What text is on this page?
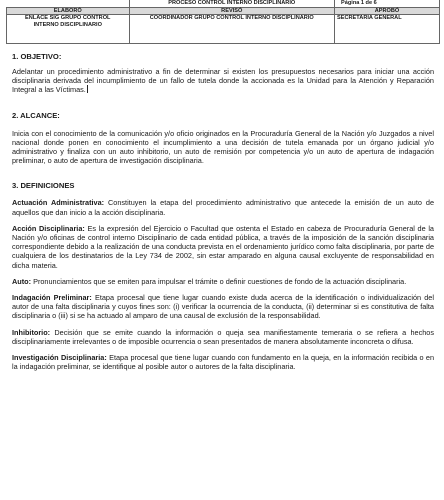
	PROCESO CONTROL INTERNO DISCIPLINARIO	Página 1 de 6
ELABORÓ	REVISÓ	APROBÓ
ENLACE SIG GRUPO CONTROL INTERNO DISCIPLINARIO	COORDINADOR GRUPO CONTROL INTERNO DISCIPLINARIO	SECRETARIA GENERAL
1. OBJETIVO:

Adelantar un procedimiento administrativo a fin de determinar si existen los presupuestos necesarios para iniciar una acción disciplinaria derivada del incumplimiento de un fallo de tutela donde la accionada es la Unidad para la Atención y Reparación Integral a las Víctimas.

2. ALCANCE:

Inicia con el conocimiento de la comunicación y/o oficio originados en la Procuraduría General de la Nación y/o Juzgados a nivel nacional donde ponen en conocimiento el incumplimiento a una decisión de tutela emanada por un órgano judicial y/o administrativo y finaliza con un auto inhibitorio, un auto de remisión por competencia y/o un auto de apertura de indagación preliminar, o auto de apertura de investigación disciplinaria.

3. DEFINICIONES

Actuación Administrativa: Constituyen la etapa del procedimiento administrativo que antecede la emisión de un auto de aquellos que dan inicio a la acción disciplinaria.

Acción Disciplinaria: Es la expresión del Ejercicio o Facultad que ostenta el Estado en cabeza de Procuraduría General de la Nación y/o oficinas de control interno Disciplinario de cada entidad pública, a través de la imposición de la sanción disciplinaria correspondiente debido a la realización de una conducta prevista en el ordenamiento jurídico como falta disciplinaria, por parte de cualquiera de los destinatarios de la Ley 734 de 2002, sin estar amparado en alguna causal excluyente de responsabilidad en dicha materia.

Auto: Pronunciamientos que se emiten para impulsar el trámite o definir cuestiones de fondo de la actuación disciplinaria.

Indagación Preliminar: Etapa procesal que tiene lugar cuando existe duda acerca de la identificación o individualización del autor de una falta disciplinaria y cuyos fines son: (i) verificar la ocurrencia de la conducta, (ii) determinar si es constitutiva de falta disciplinaria o (iii) si se ha actuado al amparo de una causal de exclusión de la responsabilidad.

Inhibitorio: Decisión que se emite cuando la información o queja sea manifiestamente temeraria o se refiera a hechos disciplinariamente irrelevantes o de imposible ocurrencia o sean presentados de manera absolutamente inconcreta o difusa.

Investigación Disciplinaria: Etapa procesal que tiene lugar cuando con fundamento en la queja, en la información recibida o en la indagación preliminar, se identifique al posible autor o autores de la falta disciplinaria.
